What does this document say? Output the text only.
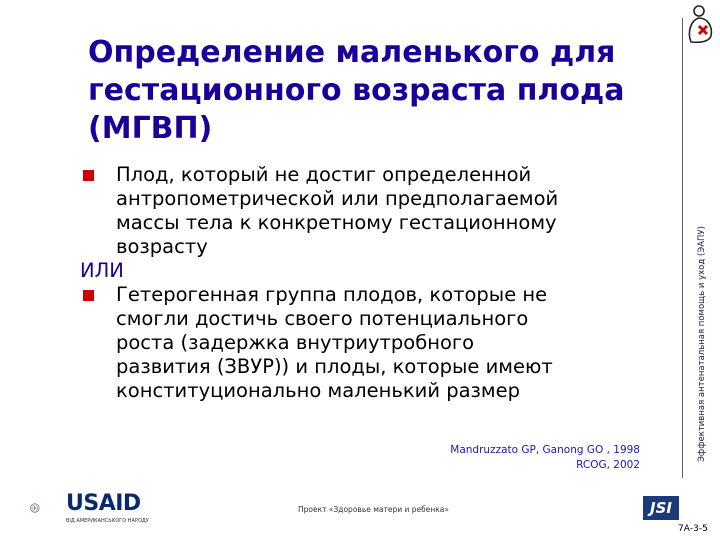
Определение маленького для
гестационного возраста плода
(МГВП)
Эффективная антенатальная помощь и уход (ЭАПУ)
Плод, который не достиг определенной
антропометрической или предполагаемой
массы тела к конкретному гестационному
возрасту
ИЛИ
Гетерогенная группа плодов, которые не
смогли достичь своего потенциального
роста (задержка внутриутробного
развития (ЗВУР)) и плоды, которые имеют
конституционально маленький размер
Mandruzzato GP, Ganong GO , 1998
RCOG, 2002
USAID
ВІД АМЕРИКАНСЬКОГО НАРОДУ
Проект «Здоровье матери и ребенка»	JSI
7А-3-5
